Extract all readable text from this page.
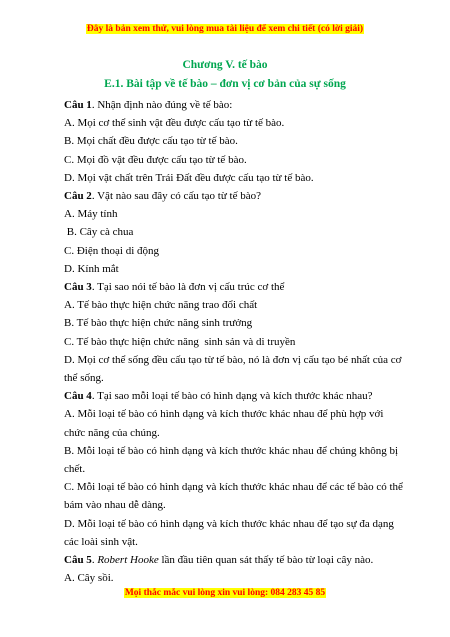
Đây là bản xem thử, vui lòng mua tài liệu để xem chi tiết (có lời giải)
Chương V. tế bào
E.1. Bài tập về tế bào – đơn vị cơ bản của sự sống
Câu 1. Nhận định nào đúng về tế bào:
A. Mọi cơ thể sinh vật đều được cấu tạo từ tế bào.
B. Mọi chất đều được cấu tạo từ tế bào.
C. Mọi đồ vật đều được cấu tạo từ tế bào.
D. Mọi vật chất trên Trái Đất đều được cấu tạo từ tế bào.
Câu 2. Vật nào sau đây có cấu tạo từ tế bào?
A. Máy tính
B. Cây cà chua
C. Điện thoại di động
D. Kính mắt
Câu 3. Tại sao nói tế bào là đơn vị cấu trúc cơ thể
A. Tế bào thực hiện chức năng trao đổi chất
B. Tế bào thực hiện chức năng sinh trưởng
C. Tế bào thực hiện chức năng  sinh sản và di truyền
D. Mọi cơ thể sống đều cấu tạo từ tế bào, nó là đơn vị cấu tạo bé nhất của cơ thể sống.
Câu 4. Tại sao mỗi loại tế bào có hình dạng và kích thước khác nhau?
A. Mỗi loại tế bào có hình dạng và kích thước khác nhau để phù hợp với chức năng của chúng.
B. Mỗi loại tế bào có hình dạng và kích thước khác nhau để chúng không bị chết.
C. Mỗi loại tế bào có hình dạng và kích thước khác nhau để các tế bào có thể bám vào nhau dễ dàng.
D. Mỗi loại tế bào có hình dạng và kích thước khác nhau để tạo sự đa dạng các loài sinh vật.
Câu 5. Robert Hooke lần đầu tiên quan sát thấy tế bào từ loại cây nào.
A. Cây sồi.
Mọi thắc mắc vui lòng xin vui lòng: 084 283 45 85
